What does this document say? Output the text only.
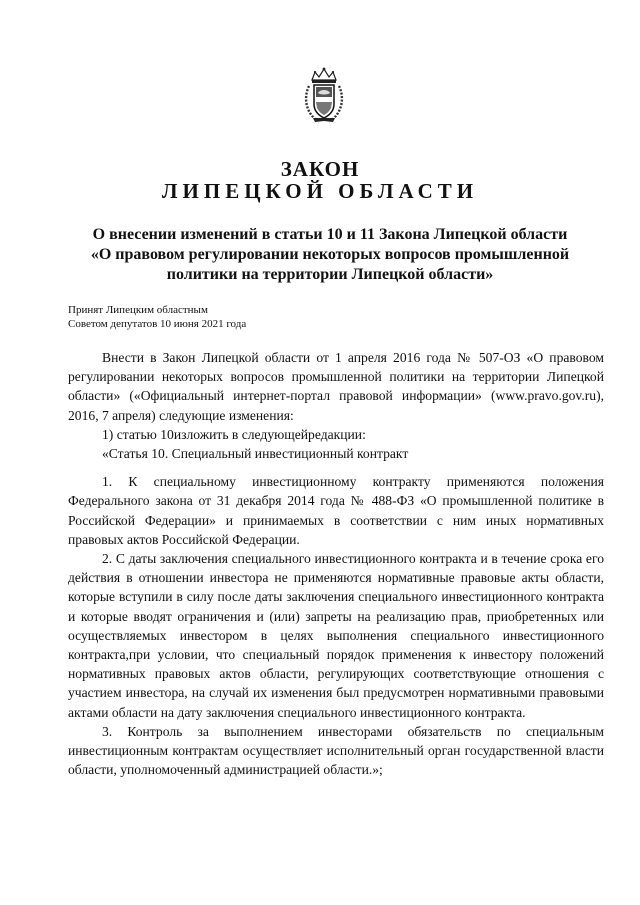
ЗАКОН
ЛИПЕЦКОЙ ОБЛАСТИ
О внесении изменений в статьи 10 и 11 Закона Липецкой области
«О правовом регулировании некоторых вопросов промышленной
политики на территории Липецкой области»
Принят Липецким областным
Советом депутатов 10 июня 2021 года

Внести в Закон Липецкой области от 1 апреля 2016 года № 507-ОЗ «О правовом регулировании некоторых вопросов промышленной политики на территории Липецкой области» («Официальный интернет-портал правовой информации» (www.pravo.gov.ru), 2016, 7 апреля) следующие изменения:

1) статью 10изложить в следующейредакции:

«Статья 10. Специальный инвестиционный контракт

1. К специальному инвестиционному контракту применяются положения Федерального закона от 31 декабря 2014 года № 488-ФЗ «О промышленной политике в Российской Федерации» и принимаемых в соответствии с ним иных нормативных правовых актов Российской Федерации.

2. С даты заключения специального инвестиционного контракта и в течение срока его действия в отношении инвестора не применяются нормативные правовые акты области, которые вступили в силу после даты заключения специального инвестиционного контракта и которые вводят ограничения и (или) запреты на реализацию прав, приобретенных или осуществляемых инвестором в целях выполнения специального инвестиционного контракта,при условии, что специальный порядок применения к инвестору положений нормативных правовых актов области, регулирующих соответствующие отношения с участием инвестора, на случай их изменения был предусмотрен нормативными правовыми актами области на дату заключения специального инвестиционного контракта.

3. Контроль за выполнением инвесторами обязательств по специальным инвестиционным контрактам осуществляет исполнительный орган государственной власти области, уполномоченный администрацией области.»;
